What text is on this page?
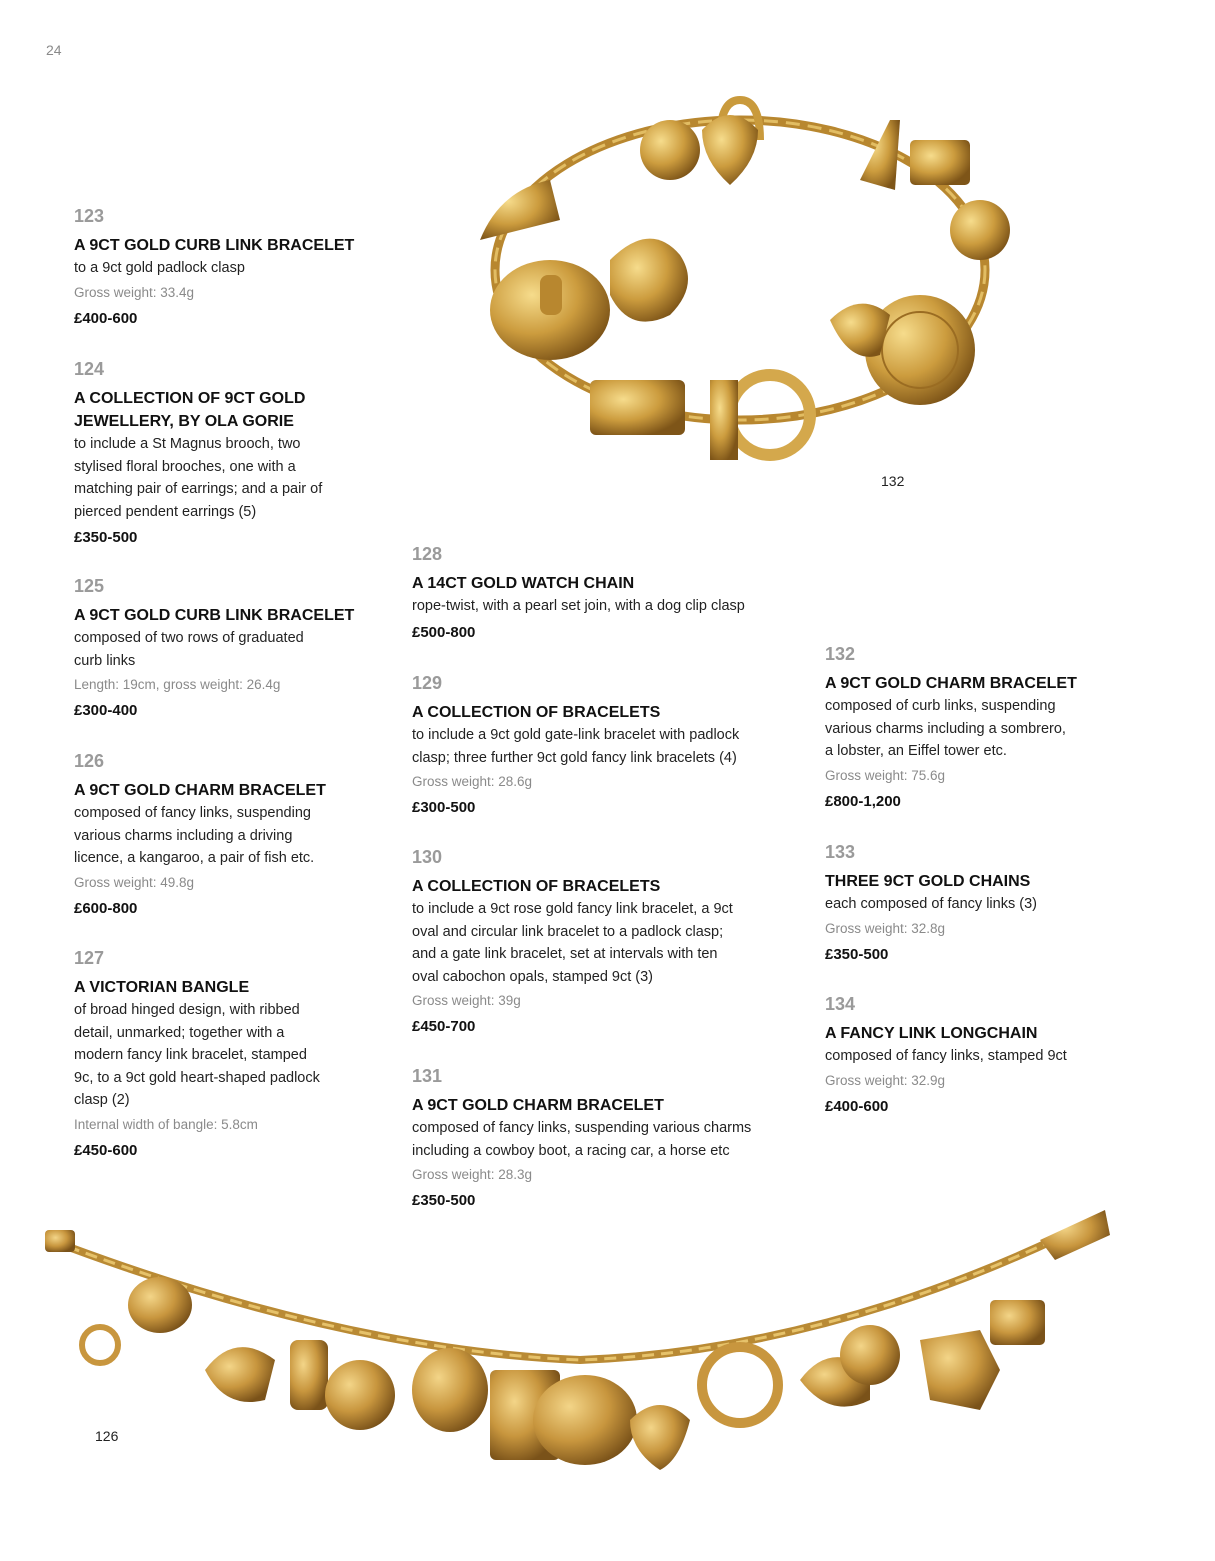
24
132
123
A 9CT GOLD CURB LINK BRACELET
to a 9ct gold padlock clasp
Gross weight: 33.4g
£400-600
124
A COLLECTION OF 9CT GOLD
JEWELLERY, BY OLA GORIE
to include a St Magnus brooch, two
stylised floral brooches, one with a
matching pair of earrings; and a pair of
pierced pendent earrings (5)
£350-500
125
A 9CT GOLD CURB LINK BRACELET
composed of two rows of graduated
curb links
Length: 19cm, gross weight: 26.4g
£300-400
126
A 9CT GOLD CHARM BRACELET
composed of fancy links, suspending
various charms including a driving
licence, a kangaroo, a pair of fish etc.
Gross weight: 49.8g
£600-800
127
A VICTORIAN BANGLE
of broad hinged design, with ribbed
detail, unmarked; together with a
modern fancy link bracelet, stamped
9c, to a 9ct gold heart-shaped padlock
clasp (2)
Internal width of bangle: 5.8cm
£450-600
128
A 14CT GOLD WATCH CHAIN
rope-twist, with a pearl set join, with a dog clip clasp
£500-800
129
A COLLECTION OF BRACELETS
to include a 9ct gold gate-link bracelet with padlock
clasp; three further 9ct gold fancy link bracelets (4)
Gross weight: 28.6g
£300-500
130
A COLLECTION OF BRACELETS
to include a 9ct rose gold fancy link bracelet, a 9ct
oval and circular link bracelet to a padlock clasp;
and a gate link bracelet, set at intervals with ten
oval cabochon opals, stamped 9ct (3)
Gross weight: 39g
£450-700
131
A 9CT GOLD CHARM BRACELET
composed of fancy links, suspending various charms
including a cowboy boot, a racing car, a horse etc
Gross weight: 28.3g
£350-500
132
A 9CT GOLD CHARM BRACELET
composed of curb links, suspending
various charms including a sombrero,
a lobster, an Eiffel tower etc.
Gross weight: 75.6g
£800-1,200
133
THREE 9CT GOLD CHAINS
each composed of fancy links (3)
Gross weight: 32.8g
£350-500
134
A FANCY LINK LONGCHAIN
composed of fancy links, stamped 9ct
Gross weight: 32.9g
£400-600
126
